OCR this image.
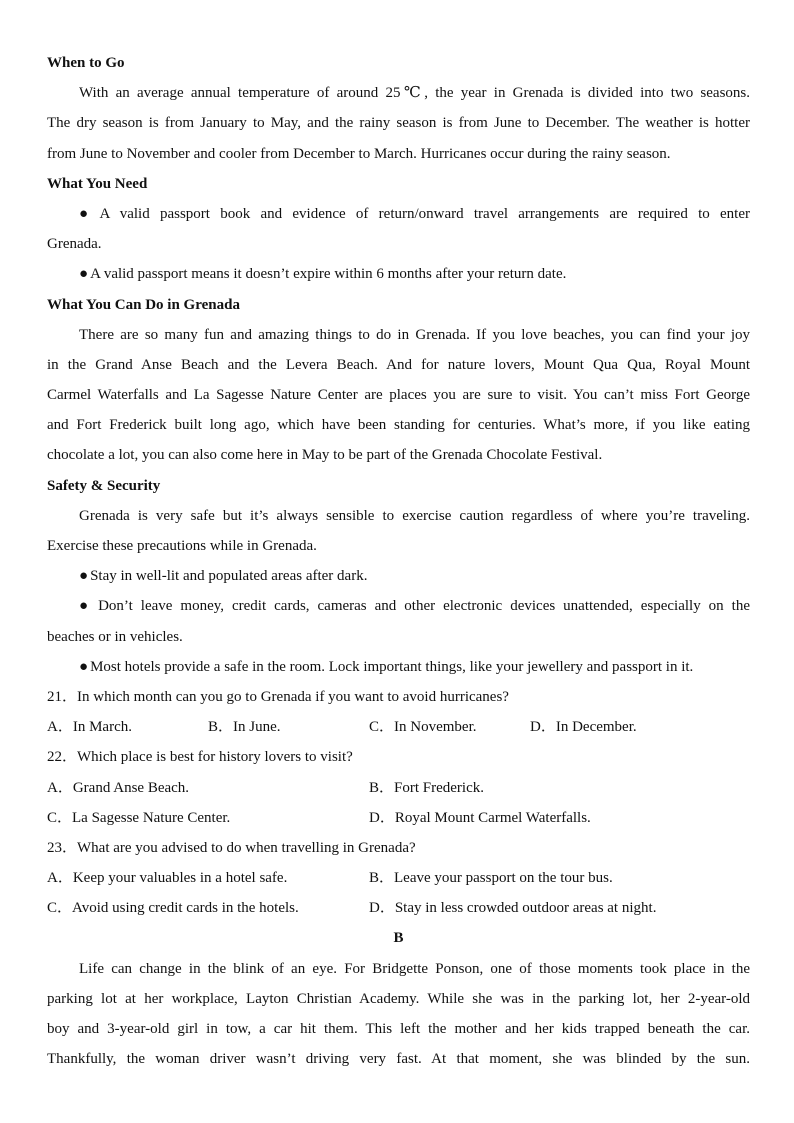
When to Go
With an average annual temperature of around 25℃, the year in Grenada is divided into two seasons.
The dry season is from January to May, and the rainy season is from June to December. The weather is hotter
from June to November and cooler from December to March. Hurricanes occur during the rainy season.
What You Need
● A valid passport book and evidence of return/onward travel arrangements are required to enter
Grenada.
● A valid passport means it doesn’t expire within 6 months after your return date.
What You Can Do in Grenada
There are so many fun and amazing things to do in Grenada. If you love beaches, you can find your joy
in the Grand Anse Beach and the Levera Beach. And for nature lovers, Mount Qua Qua, Royal Mount
Carmel Waterfalls and La Sagesse Nature Center are places you are sure to visit. You can’t miss Fort George
and Fort Frederick built long ago, which have been standing for centuries. What’s more, if you like eating
chocolate a lot, you can also come here in May to be part of the Grenada Chocolate Festival.
Safety & Security
Grenada is very safe but it’s always sensible to exercise caution regardless of where you’re traveling.
Exercise these precautions while in Grenada.
● Stay in well-lit and populated areas after dark.
● Don’t leave money, credit cards, cameras and other electronic devices unattended, especially on the
beaches or in vehicles.
● Most hotels provide a safe in the room. Lock important things, like your jewellery and passport in it.
21．In which month can you go to Grenada if you want to avoid hurricanes?
A．In March.	B．In June.	C．In November.	D．In December.
22．Which place is best for history lovers to visit?
A．Grand Anse Beach.	B．Fort Frederick.
C．La Sagesse Nature Center.	D．Royal Mount Carmel Waterfalls.
23．What are you advised to do when travelling in Grenada?
A．Keep your valuables in a hotel safe.	B．Leave your passport on the tour bus.
C．Avoid using credit cards in the hotels.	D．Stay in less crowded outdoor areas at night.
B
Life can change in the blink of an eye. For Bridgette Ponson, one of those moments took place in the
parking lot at her workplace, Layton Christian Academy. While she was in the parking lot, her 2-year-old
boy and 3-year-old girl in tow, a car hit them. This left the mother and her kids trapped beneath the car.
Thankfully, the woman driver wasn’t driving very fast. At that moment, she was blinded by the sun.
